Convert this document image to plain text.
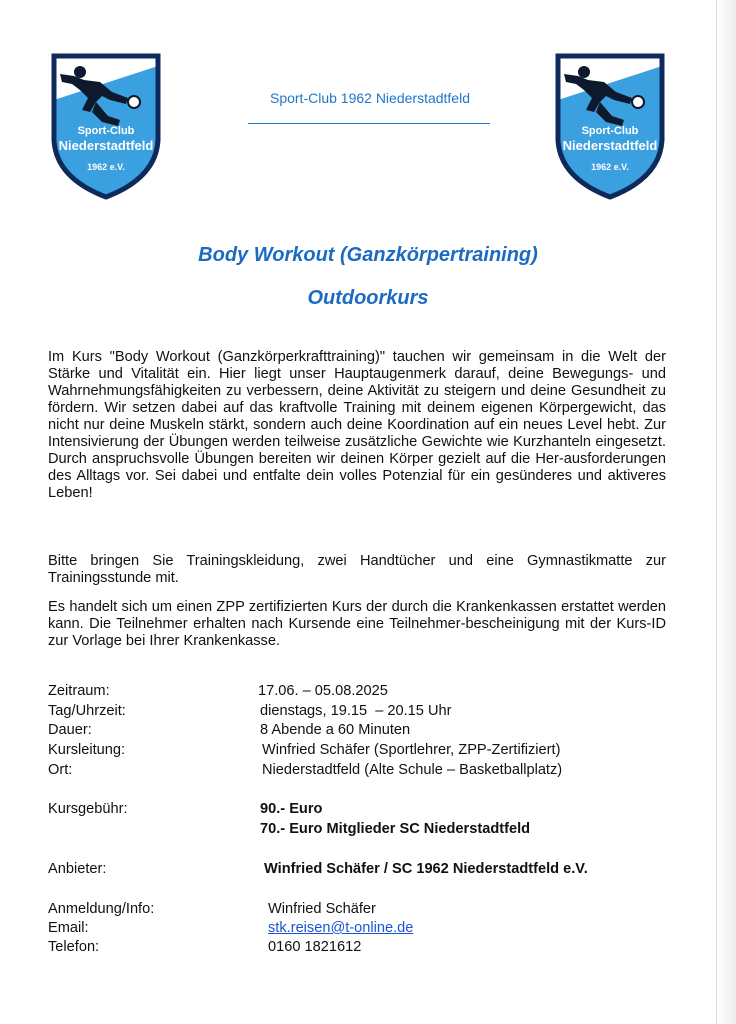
Sport-Club
Niederstadtfeld
1962 e.V.
Sport-Club
Niederstadtfeld
1962 e.V.
Sport-Club 1962 Niederstadtfeld
Body Workout (Ganzkörpertraining)
Outdoorkurs
Im Kurs "Body Workout (Ganzkörperkrafttraining)" tauchen wir gemeinsam in die Welt der Stärke und Vitalität ein. Hier liegt unser Hauptaugenmerk darauf, deine Bewegungs- und Wahrnehmungsfähigkeiten zu verbessern, deine Aktivität zu steigern und deine Gesundheit zu fördern. Wir setzen dabei auf das kraftvolle Training mit deinem eigenen Körpergewicht, das nicht nur deine Muskeln stärkt, sondern auch deine Koordination auf ein neues Level hebt. Zur Intensivierung der Übungen werden teilweise zusätzliche Gewichte wie Kurzhanteln eingesetzt. Durch anspruchsvolle Übungen bereiten wir deinen Körper gezielt auf die Her-ausforderungen des Alltags vor. Sei dabei und entfalte dein volles Potenzial für ein gesünderes und aktiveres Leben!
Bitte bringen Sie Trainingskleidung, zwei Handtücher und eine Gymnastikmatte zur Trainingsstunde mit.
Es handelt sich um einen ZPP zertifizierten Kurs der durch die Krankenkassen erstattet werden kann. Die Teilnehmer erhalten nach Kursende eine Teilnehmer-bescheinigung mit der Kurs-ID zur Vorlage bei Ihrer Krankenkasse.
Zeitraum:	17.06. – 05.08.2025
Tag/Uhrzeit:	dienstags, 19.15  – 20.15 Uhr
Dauer:	8 Abende a 60 Minuten
Kursleitung:	Winfried Schäfer (Sportlehrer, ZPP-Zertifiziert)
Ort:	Niederstadtfeld (Alte Schule – Basketballplatz)
Kursgebühr:	90.- Euro
70.- Euro Mitglieder SC Niederstadtfeld
Anbieter:	Winfried Schäfer / SC 1962 Niederstadtfeld e.V.
Anmeldung/Info:	Winfried Schäfer
Email:	stk.reisen@t-online.de
Telefon:	0160 1821612
